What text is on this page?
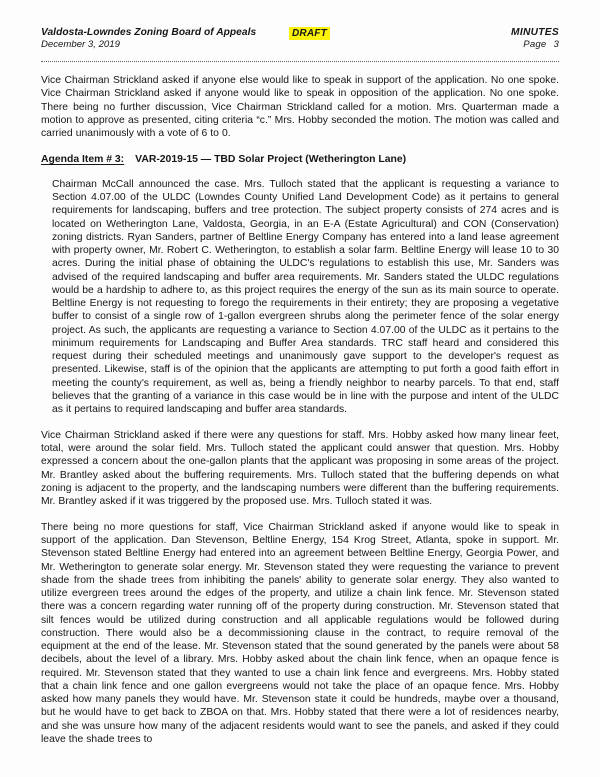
Valdosta-Lowndes Zoning Board of Appeals
December 3, 2019
DRAFT	MINUTES
Page 3

Vice Chairman Strickland asked if anyone else would like to speak in support of the application. No one spoke. Vice Chairman Strickland asked if anyone would like to speak in opposition of the application. No one spoke. There being no further discussion, Vice Chairman Strickland called for a motion. Mrs. Quarterman made a motion to approve as presented, citing criteria “c.” Mrs. Hobby seconded the motion. The motion was called and carried unanimously with a vote of 6 to 0.

Agenda Item # 3: VAR-2019-15 — TBD Solar Project (Wetherington Lane)

Chairman McCall announced the case. Mrs. Tulloch stated that the applicant is requesting a variance to Section 4.07.00 of the ULDC (Lowndes County Unified Land Development Code) as it pertains to general requirements for landscaping, buffers and tree protection. The subject property consists of 274 acres and is located on Wetherington Lane, Valdosta, Georgia, in an E-A (Estate Agricultural) and CON (Conservation) zoning districts. Ryan Sanders, partner of Beltline Energy Company has entered into a land lease agreement with property owner, Mr. Robert C. Wetherington, to establish a solar farm. Beltline Energy will lease 10 to 30 acres. During the initial phase of obtaining the ULDC's regulations to establish this use, Mr. Sanders was advised of the required landscaping and buffer area requirements. Mr. Sanders stated the ULDC regulations would be a hardship to adhere to, as this project requires the energy of the sun as its main source to operate. Beltline Energy is not requesting to forego the requirements in their entirety; they are proposing a vegetative buffer to consist of a single row of 1-gallon evergreen shrubs along the perimeter fence of the solar energy project. As such, the applicants are requesting a variance to Section 4.07.00 of the ULDC as it pertains to the minimum requirements for Landscaping and Buffer Area standards. TRC staff heard and considered this request during their scheduled meetings and unanimously gave support to the developer's request as presented. Likewise, staff is of the opinion that the applicants are attempting to put forth a good faith effort in meeting the county's requirement, as well as, being a friendly neighbor to nearby parcels. To that end, staff believes that the granting of a variance in this case would be in line with the purpose and intent of the ULDC as it pertains to required landscaping and buffer area standards.

Vice Chairman Strickland asked if there were any questions for staff. Mrs. Hobby asked how many linear feet, total, were around the solar field. Mrs. Tulloch stated the applicant could answer that question. Mrs. Hobby expressed a concern about the one-gallon plants that the applicant was proposing in some areas of the project. Mr. Brantley asked about the buffering requirements. Mrs. Tulloch stated that the buffering depends on what zoning is adjacent to the property, and the landscaping numbers were different than the buffering requirements. Mr. Brantley asked if it was triggered by the proposed use. Mrs. Tulloch stated it was.

There being no more questions for staff, Vice Chairman Strickland asked if anyone would like to speak in support of the application. Dan Stevenson, Beltline Energy, 154 Krog Street, Atlanta, spoke in support. Mr. Stevenson stated Beltline Energy had entered into an agreement between Beltline Energy, Georgia Power, and Mr. Wetherington to generate solar energy. Mr. Stevenson stated they were requesting the variance to prevent shade from the shade trees from inhibiting the panels' ability to generate solar energy. They also wanted to utilize evergreen trees around the edges of the property, and utilize a chain link fence. Mr. Stevenson stated there was a concern regarding water running off of the property during construction. Mr. Stevenson stated that silt fences would be utilized during construction and all applicable regulations would be followed during construction. There would also be a decommissioning clause in the contract, to require removal of the equipment at the end of the lease. Mr. Stevenson stated that the sound generated by the panels were about 58 decibels, about the level of a library. Mrs. Hobby asked about the chain link fence, when an opaque fence is required. Mr. Stevenson stated that they wanted to use a chain link fence and evergreens. Mrs. Hobby stated that a chain link fence and one gallon evergreens would not take the place of an opaque fence. Mrs. Hobby asked how many panels they would have. Mr. Stevenson state it could be hundreds, maybe over a thousand, but he would have to get back to ZBOA on that. Mrs. Hobby stated that there were a lot of residences nearby, and she was unsure how many of the adjacent residents would want to see the panels, and asked if they could leave the shade trees to
